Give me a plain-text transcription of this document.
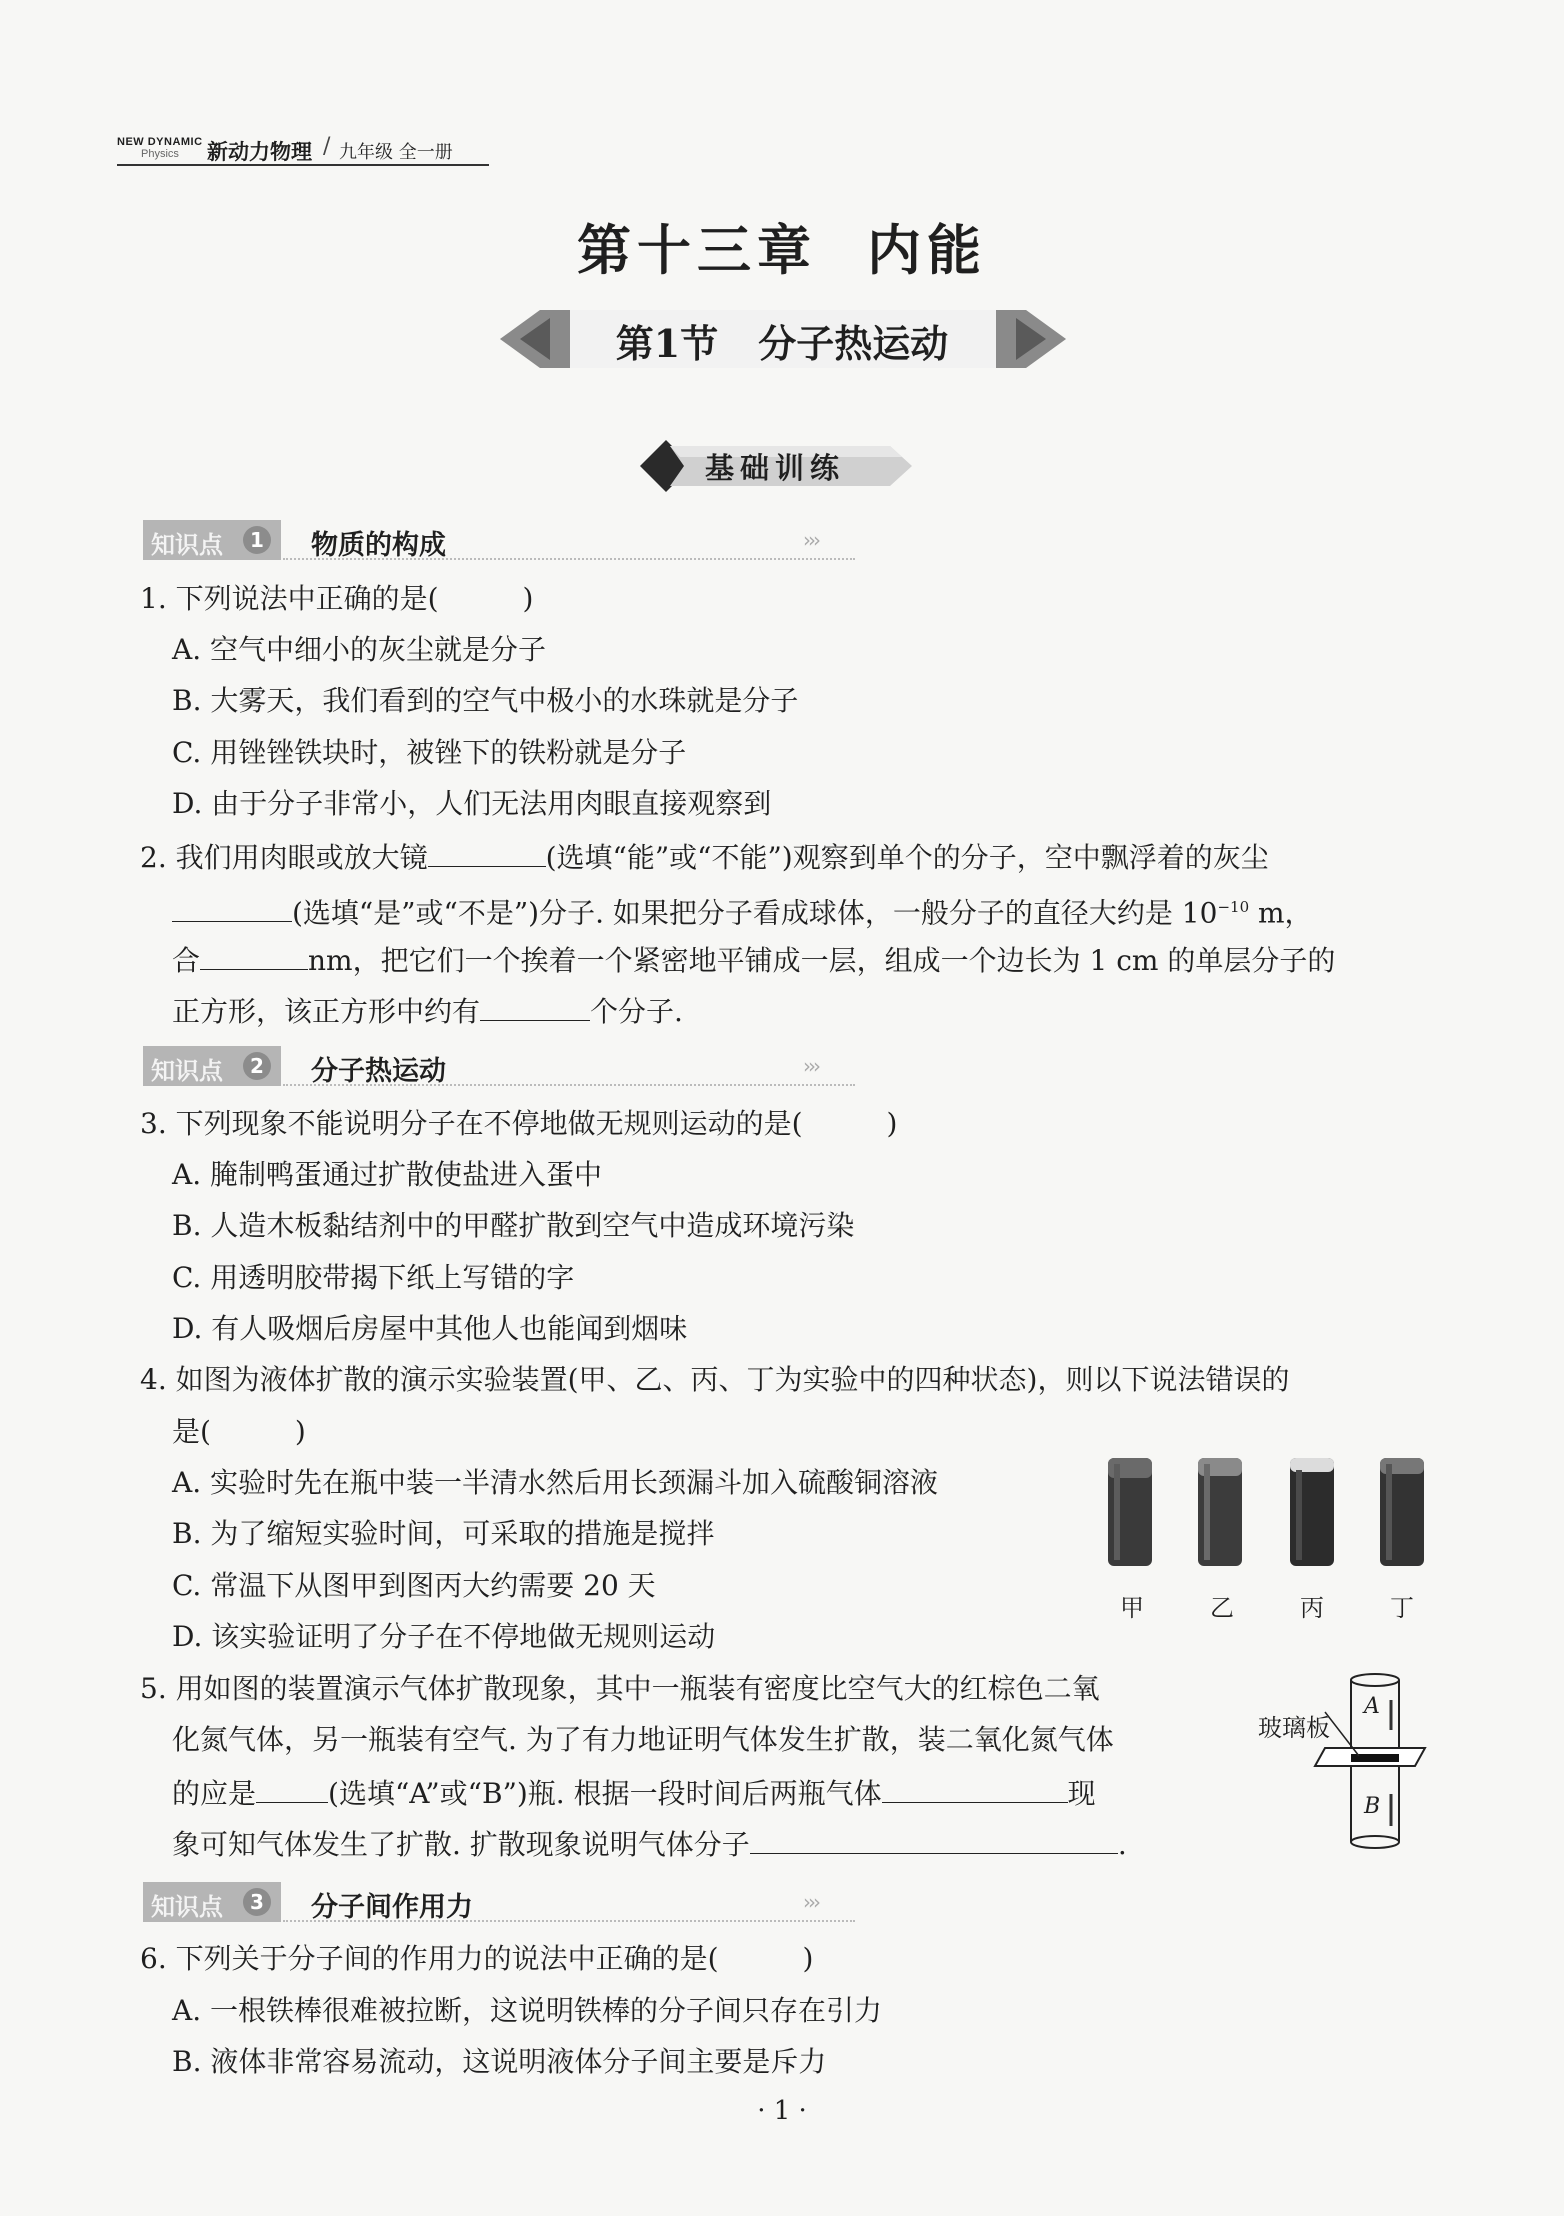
NEW DYNAMIC
Physics 新动力物理 / 九年级 全一册
第十三章 内能
第1节 分子热运动
基础训练
知识点	1 物质的构成	›››
1. 下列说法中正确的是(　　　)
A. 空气中细小的灰尘就是分子
B. 大雾天，我们看到的空气中极小的水珠就是分子
C. 用锉锉铁块时，被锉下的铁粉就是分子
D. 由于分子非常小，人们无法用肉眼直接观察到
2. 我们用肉眼或放大镜	(选填“能”或“不能”)观察到单个的分子，空中飘浮着的灰尘
(选填“是”或“不是”)分子. 如果把分子看成球体，一般分子的直径大约是 $10^{-10}$ m，
合	nm，把它们一个挨着一个紧密地平铺成一层，组成一个边长为 1 cm 的单层分子的
正方形，该正方形中约有	个分子.
知识点	2 分子热运动	›››
3. 下列现象不能说明分子在不停地做无规则运动的是(　　　)
A. 腌制鸭蛋通过扩散使盐进入蛋中
B. 人造木板黏结剂中的甲醛扩散到空气中造成环境污染
C. 用透明胶带揭下纸上写错的字
D. 有人吸烟后房屋中其他人也能闻到烟味
4. 如图为液体扩散的演示实验装置(甲、乙、丙、丁为实验中的四种状态)，则以下说法错误的
是(　　　)
A. 实验时先在瓶中装一半清水然后用长颈漏斗加入硫酸铜溶液
B. 为了缩短实验时间，可采取的措施是搅拌
C. 常温下从图甲到图丙大约需要 20 天
D. 该实验证明了分子在不停地做无规则运动
甲	乙	丙	丁
5. 用如图的装置演示气体扩散现象，其中一瓶装有密度比空气大的红棕色二氧
化氮气体，另一瓶装有空气. 为了有力地证明气体发生扩散，装二氧化氮气体
的应是	(选填“A”或“B”)瓶. 根据一段时间后两瓶气体	现
象可知气体发生了扩散. 扩散现象说明气体分子	.
玻璃板
A
B
知识点	3 分子间作用力	›››
6. 下列关于分子间的作用力的说法中正确的是(　　　)
A. 一根铁棒很难被拉断，这说明铁棒的分子间只存在引力
B. 液体非常容易流动，这说明液体分子间主要是斥力
· 1 ·
